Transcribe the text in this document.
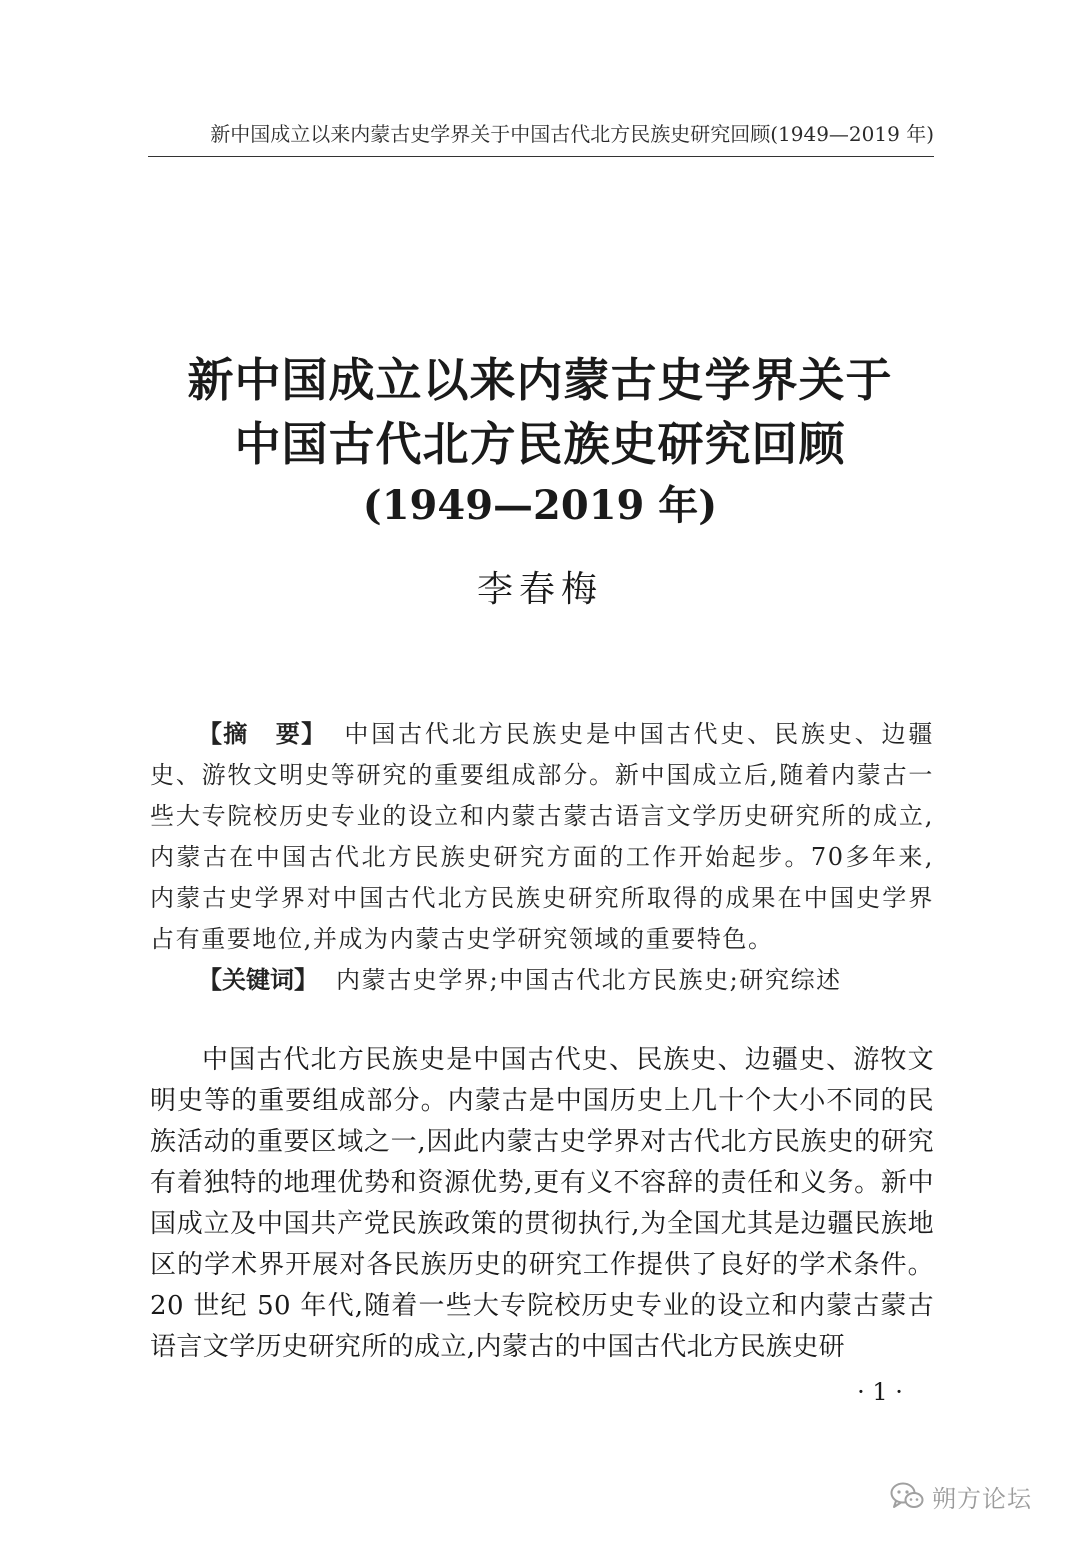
新中国成立以来内蒙古史学界关于中国古代北方民族史研究回顾(1949—2019 年)
新中国成立以来内蒙古史学界关于
中国古代北方民族史研究回顾
(1949—2019 年)
李春梅

【摘 要】 中国古代北方民族史是中国古代史、民族史、边疆史、游牧文明史等研究的重要组成部分。新中国成立后,随着内蒙古一些大专院校历史专业的设立和内蒙古蒙古语言文学历史研究所的成立,内蒙古在中国古代北方民族史研究方面的工作开始起步。70多年来,内蒙古史学界对中国古代北方民族史研究所取得的成果在中国史学界占有重要地位,并成为内蒙古史学研究领域的重要特色。

【关键词】 内蒙古史学界;中国古代北方民族史;研究综述

中国古代北方民族史是中国古代史、民族史、边疆史、游牧文明史等的重要组成部分。内蒙古是中国历史上几十个大小不同的民族活动的重要区域之一,因此内蒙古史学界对古代北方民族史的研究有着独特的地理优势和资源优势,更有义不容辞的责任和义务。新中国成立及中国共产党民族政策的贯彻执行,为全国尤其是边疆民族地区的学术界开展对各民族历史的研究工作提供了良好的学术条件。20 世纪 50 年代,随着一些大专院校历史专业的设立和内蒙古蒙古语言文学历史研究所的成立,内蒙古的中国古代北方民族史研

· 1 ·
朔方论坛
